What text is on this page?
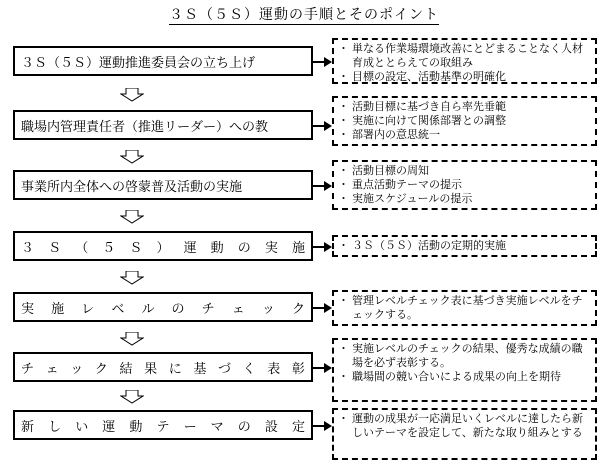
３Ｓ（５Ｓ）運動の手順とそのポイント
３Ｓ（５Ｓ）運動推進委員会の立ち上げ
・ 単なる作業場環境改善にとどまることなく人材育成ととらえての取組み
・ 目標の設定、活動基準の明確化
職場内管理責任者（推進リーダー）への教
・ 活動目標に基づき自ら率先垂範
・ 実施に向けて関係部署との調整
・ 部署内の意思統一
事業所内全体への啓蒙普及活動の実施
・ 活動目標の周知
・ 重点活動テーマの提示
・ 実施スケジュールの提示
３ Ｓ （ ５ Ｓ ） 運 動 の 実 施
・	３Ｓ（５Ｓ）活動の定期的実施
実 施 レ ベ ル の チ ェ ッ ク
・ 管理レベルチェック表に基づき実施レベルをチェックする。
チ ェ ッ ク 結 果 に 基 づ く 表 彰
・ 実施レベルのチェックの結果、優秀な成績の職場を必ず表彰する。
・ 職場間の競い合いによる成果の向上を期待
新 し い 運 動 テ ー マ の 設 定
・ 運動の成果が一応満足いくレベルに達したら新しいテーマを設定して、新たな取り組みとする
